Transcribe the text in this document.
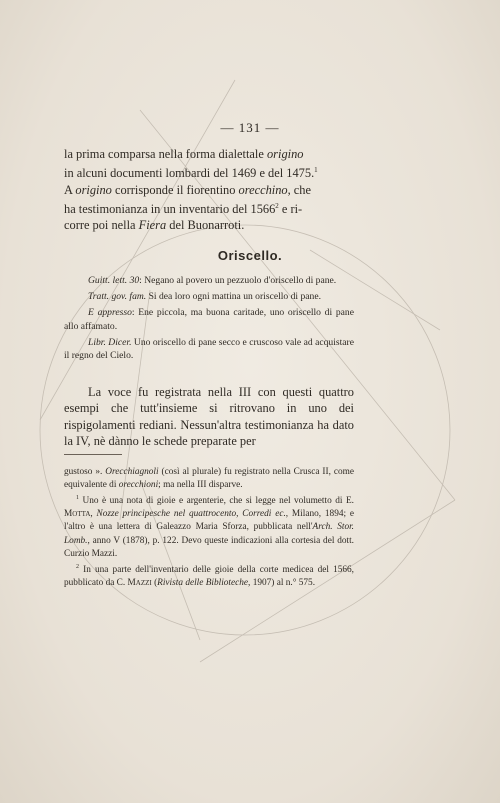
— 131 —

la prima comparsa nella forma dialettale origino

in alcuni documenti lombardi del 1469 e del 1475.$^1$

A origino corrisponde il fiorentino orecchino, che

ha testimonianza in un inventario del 1566$^2$ e ri-

corre poi nella Fiera del Buonarroti.

Oriscello.

Guitt. lett. 30: Negano al povero un pezzuolo d'oriscello di pane.

Tratt. gov. fam. Si dea loro ogni mattina un oriscello di pane.

E appresso: Ene piccola, ma buona caritade, uno oriscello di pane allo affamato.

Libr. Dicer. Uno oriscello di pane secco e cruscoso vale ad acquistare il regno del Cielo.

La voce fu registrata nella III con questi quattro esempi che tutt'insieme si ritrovano in uno dei rispigolamenti rediani. Nessun'altra testimonianza ha dato la IV, nè dànno le schede preparate per

gustoso ». Orecchiagnoli (così al plurale) fu registrato nella Crusca II, come equivalente di orecchioni; ma nella III disparve.

$^1$ Uno è una nota di gioie e argenterie, che si legge nel volumetto di E. Motta, Nozze principesche nel quattrocento, Corredi ec., Milano, 1894; e l'altro è una lettera di Galeazzo Maria Sforza, pubblicata nell'Arch. Stor. Lomb., anno V (1878), p. 122. Devo queste indicazioni alla cortesia del dott. Curzio Mazzi.

$^2$ In una parte dell'inventario delle gioie della corte medicea del 1566, pubblicato da C. Mazzi (Rivista delle Biblioteche, 1907) al n.° 575.
